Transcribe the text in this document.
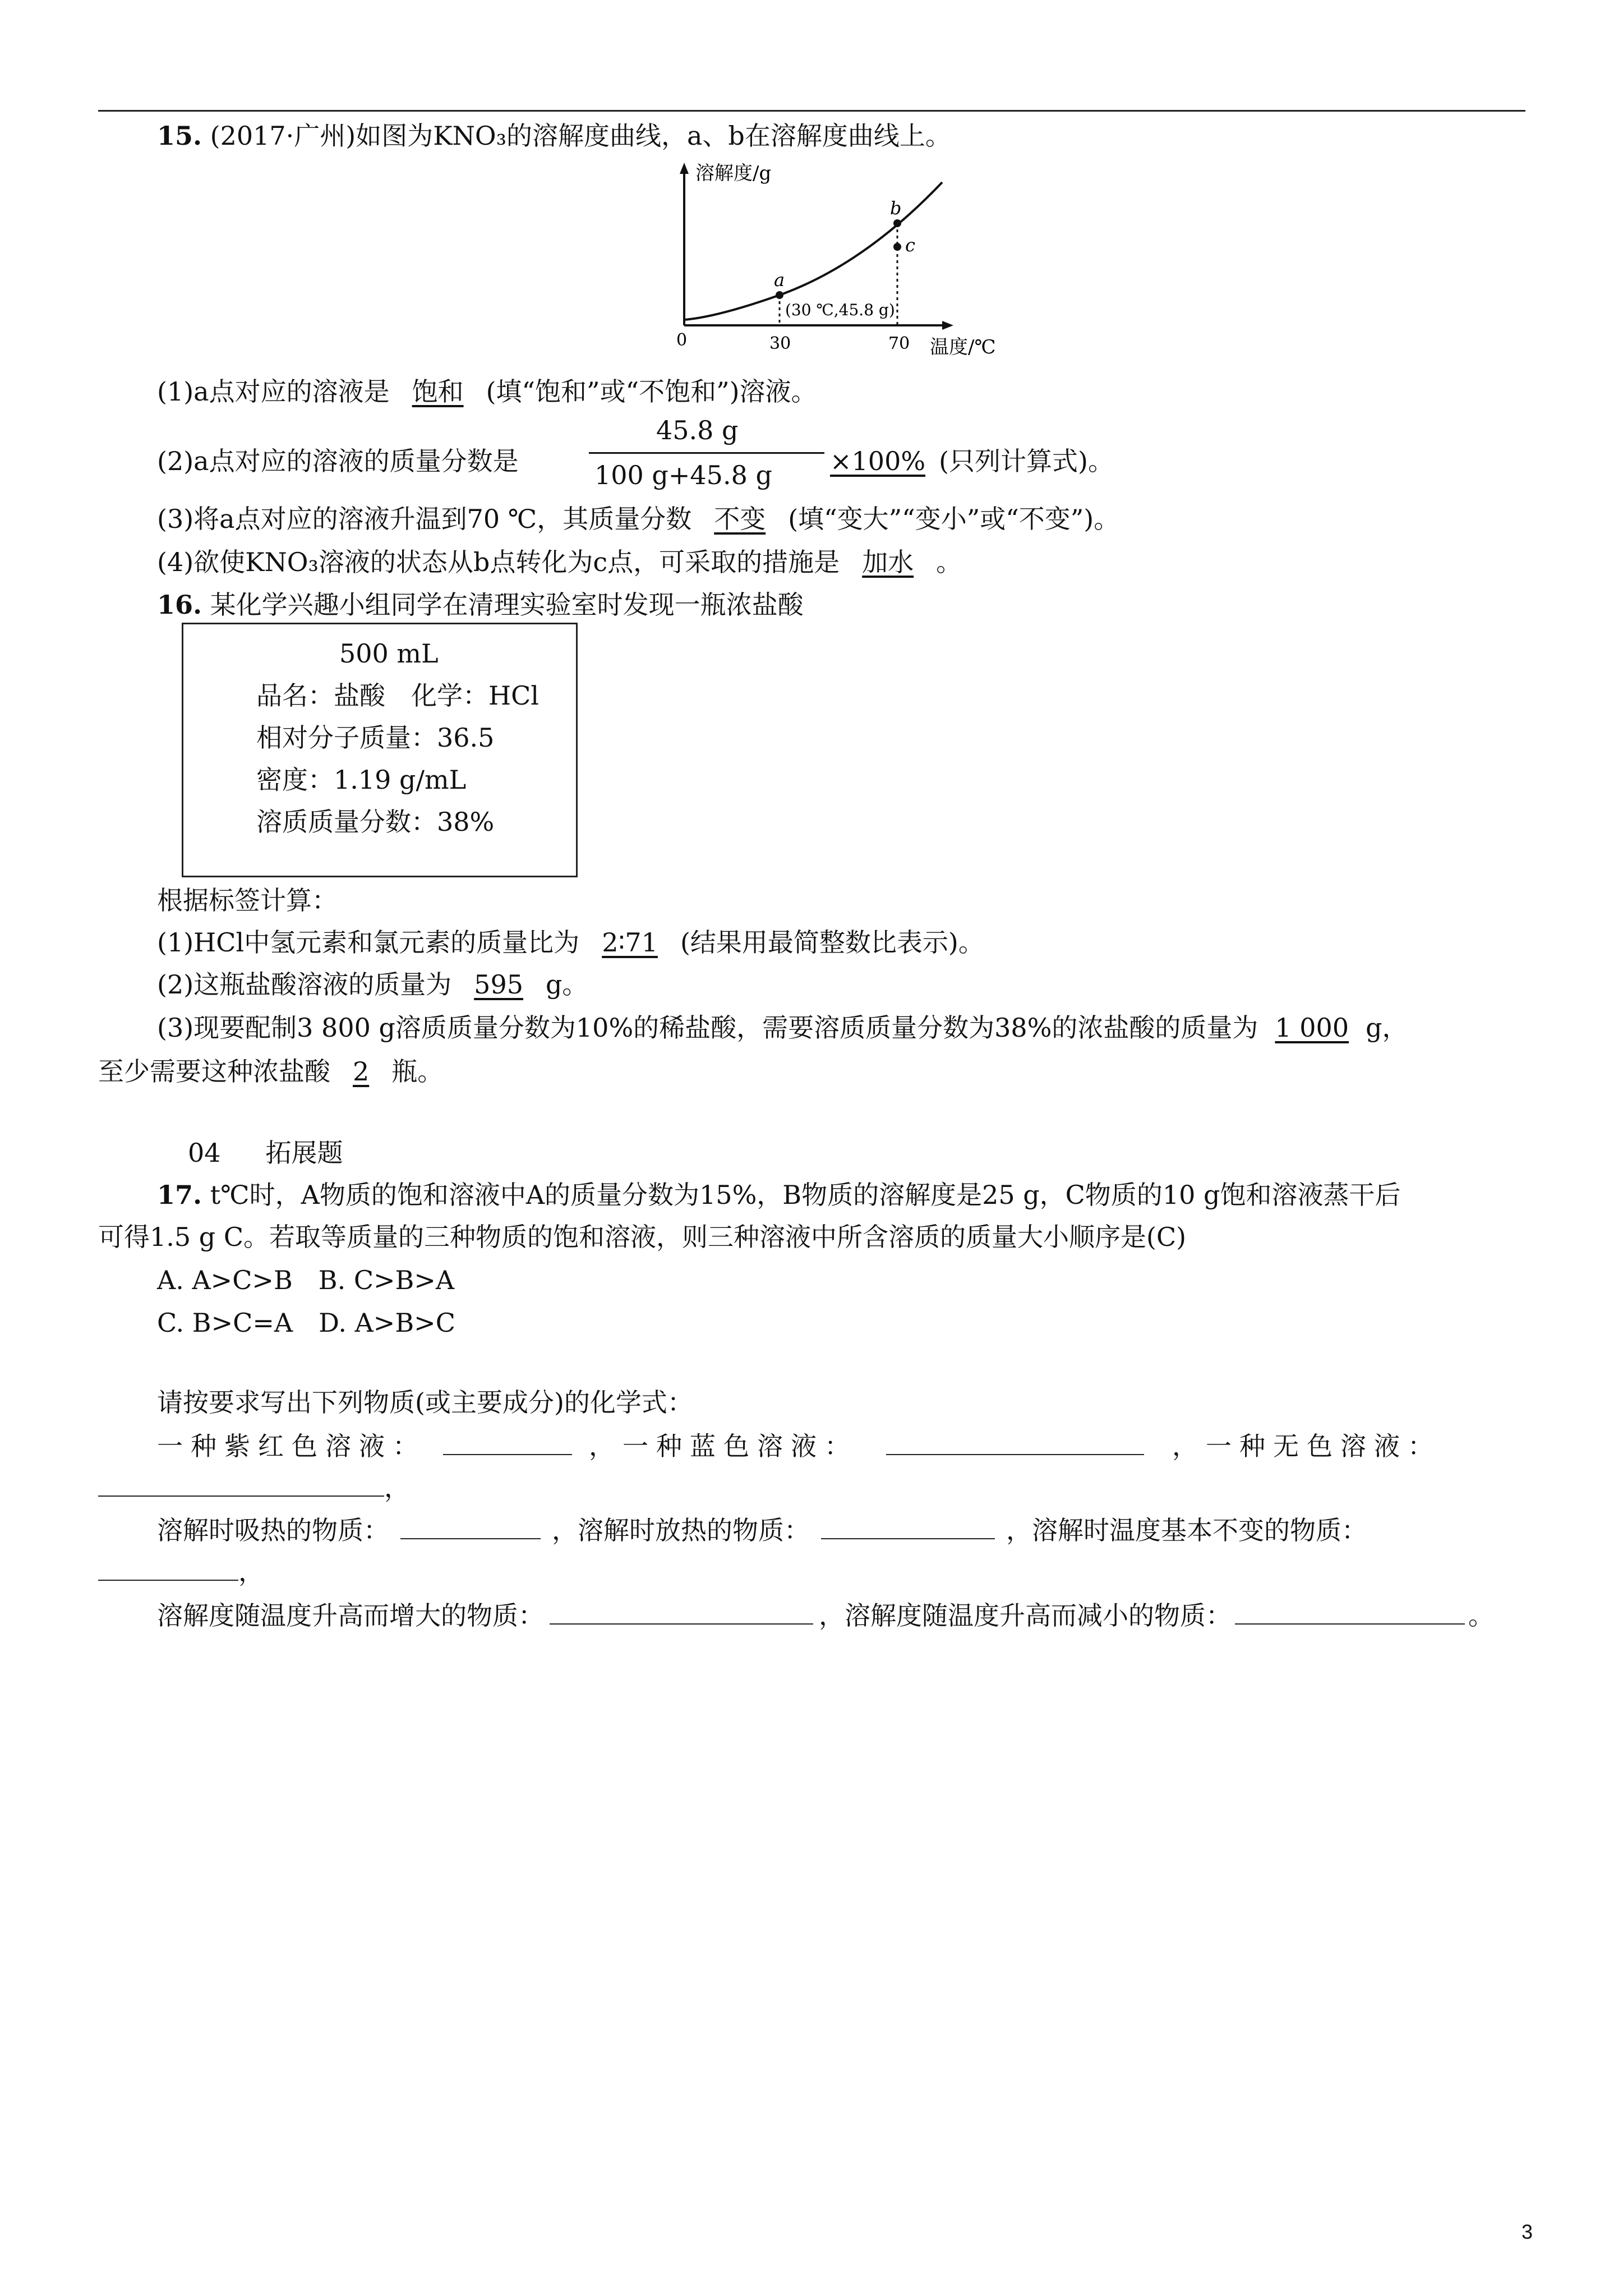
15. (2017·广州)如图为KNO₃的溶解度曲线，a、b在溶解度曲线上。
溶解度/g
温度/℃
0	30	70
a
b
c
(30 ℃,45.8 g)
(1)a点对应的溶液是 饱和 (填“饱和”或“不饱和”)溶液。
(2)a点对应的溶液的质量分数是
45.8 g
100 g+45.8 g ×100% (只列计算式)。
(3)将a点对应的溶液升温到70 ℃，其质量分数 不变 (填“变大”“变小”或“不变”)。
(4)欲使KNO₃溶液的状态从b点转化为c点，可采取的措施是 加水 。
16. 某化学兴趣小组同学在清理实验室时发现一瓶浓盐酸
500 mL
品名：盐酸　化学：HCl
相对分子质量：36.5
密度：1.19 g/mL
溶质质量分数：38%
根据标签计算：
(1)HCl中氢元素和氯元素的质量比为 2∶71 (结果用最简整数比表示)。
(2)这瓶盐酸溶液的质量为 595 g。
(3)现要配制3 800 g溶质质量分数为10%的稀盐酸，需要溶质质量分数为38%的浓盐酸的质量为 1 000 g，
至少需要这种浓盐酸 2 瓶。
04 拓展题
17. t℃时，A物质的饱和溶液中A的质量分数为15%，B物质的溶解度是25 g，C物质的10 g饱和溶液蒸干后
可得1.5 g C。若取等质量的三种物质的饱和溶液，则三种溶液中所含溶质的质量大小顺序是(C)
A. A>C>B　B. C>B>A
C. B>C=A　D. A>B>C
请按要求写出下列物质(或主要成分)的化学式：
一种紫红色溶液：	，一种蓝色溶液：	，一种无色溶液：
，
溶解时吸热的物质：	，溶解时放热的物质：	，溶解时温度基本不变的物质：
，
溶解度随温度升高而增大的物质：	，溶解度随温度升高而减小的物质：	。
3
